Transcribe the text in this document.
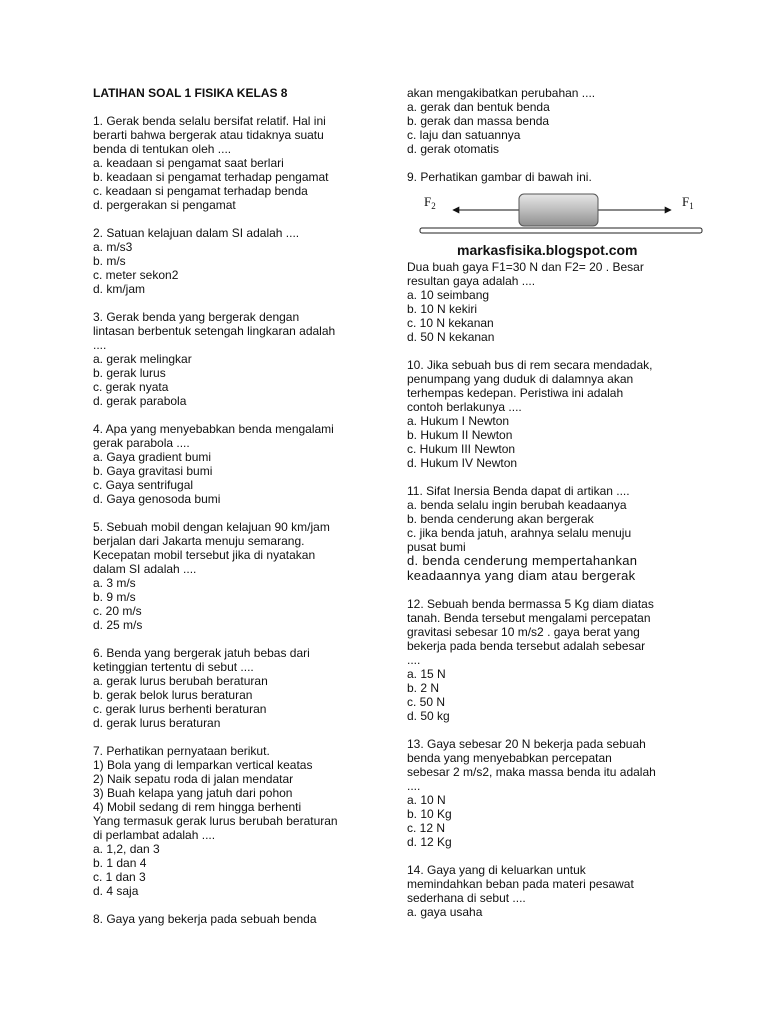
LATIHAN SOAL 1 FISIKA KELAS 8
1. Gerak benda selalu bersifat relatif. Hal ini
berarti bahwa bergerak atau tidaknya suatu
benda di tentukan oleh ....
a. keadaan si pengamat saat berlari
b. keadaan si pengamat terhadap pengamat
c. keadaan si pengamat terhadap benda
d. pergerakan si pengamat
2. Satuan kelajuan dalam SI adalah ....
a. m/s3
b. m/s
c. meter sekon2
d. km/jam
3. Gerak benda yang bergerak dengan
lintasan berbentuk setengah lingkaran adalah
....
a. gerak melingkar
b. gerak lurus
c. gerak nyata
d. gerak parabola
4. Apa yang menyebabkan benda mengalami
gerak parabola ....
a. Gaya gradient bumi
b. Gaya gravitasi bumi
c. Gaya sentrifugal
d. Gaya genosoda bumi
5. Sebuah mobil dengan kelajuan 90 km/jam
berjalan dari Jakarta menuju semarang.
Kecepatan mobil tersebut jika di nyatakan
dalam SI adalah ....
a. 3 m/s
b. 9 m/s
c. 20 m/s
d. 25 m/s
6. Benda yang bergerak jatuh bebas dari
ketinggian tertentu di sebut ....
a. gerak lurus berubah beraturan
b. gerak belok lurus beraturan
c. gerak lurus berhenti beraturan
d. gerak lurus beraturan
7. Perhatikan pernyataan berikut.
1) Bola yang di lemparkan vertical keatas
2) Naik sepatu roda di jalan mendatar
3) Buah kelapa yang jatuh dari pohon
4) Mobil sedang di rem hingga berhenti
Yang termasuk gerak lurus berubah beraturan
di perlambat adalah ....
a. 1,2, dan 3
b. 1 dan 4
c. 1 dan 3
d. 4 saja
8. Gaya yang bekerja pada sebuah benda
akan mengakibatkan perubahan ....
a. gerak dan bentuk benda
b. gerak dan massa benda
c. laju dan satuannya
d. gerak otomatis
9. Perhatikan gambar di bawah ini.
$F_2$	$F_1$
markasfisika.blogspot.com
Dua buah gaya F1=30 N dan F2= 20 . Besar
resultan gaya adalah ....
a. 10 seimbang
b. 10 N kekiri
c. 10 N kekanan
d. 50 N kekanan
10. Jika sebuah bus di rem secara mendadak,
penumpang yang duduk di dalamnya akan
terhempas kedepan. Peristiwa ini adalah
contoh berlakunya ....
a. Hukum I Newton
b. Hukum II Newton
c. Hukum III Newton
d. Hukum IV Newton
11. Sifat Inersia Benda dapat di artikan ....
a. benda selalu ingin berubah keadaanya
b. benda cenderung akan bergerak
c. jika benda jatuh, arahnya selalu menuju
pusat bumi
d. benda cenderung mempertahankan
keadaannya yang diam atau bergerak
12. Sebuah benda bermassa 5 Kg diam diatas
tanah. Benda tersebut mengalami percepatan
gravitasi sebesar 10 m/s2 . gaya berat yang
bekerja pada benda tersebut adalah sebesar
....
a. 15 N
b. 2 N
c. 50 N
d. 50 kg
13. Gaya sebesar 20 N bekerja pada sebuah
benda yang menyebabkan percepatan
sebesar 2 m/s2, maka massa benda itu adalah
....
a. 10 N
b. 10 Kg
c. 12 N
d. 12 Kg
14. Gaya yang di keluarkan untuk
memindahkan beban pada materi pesawat
sederhana di sebut ....
a. gaya usaha
